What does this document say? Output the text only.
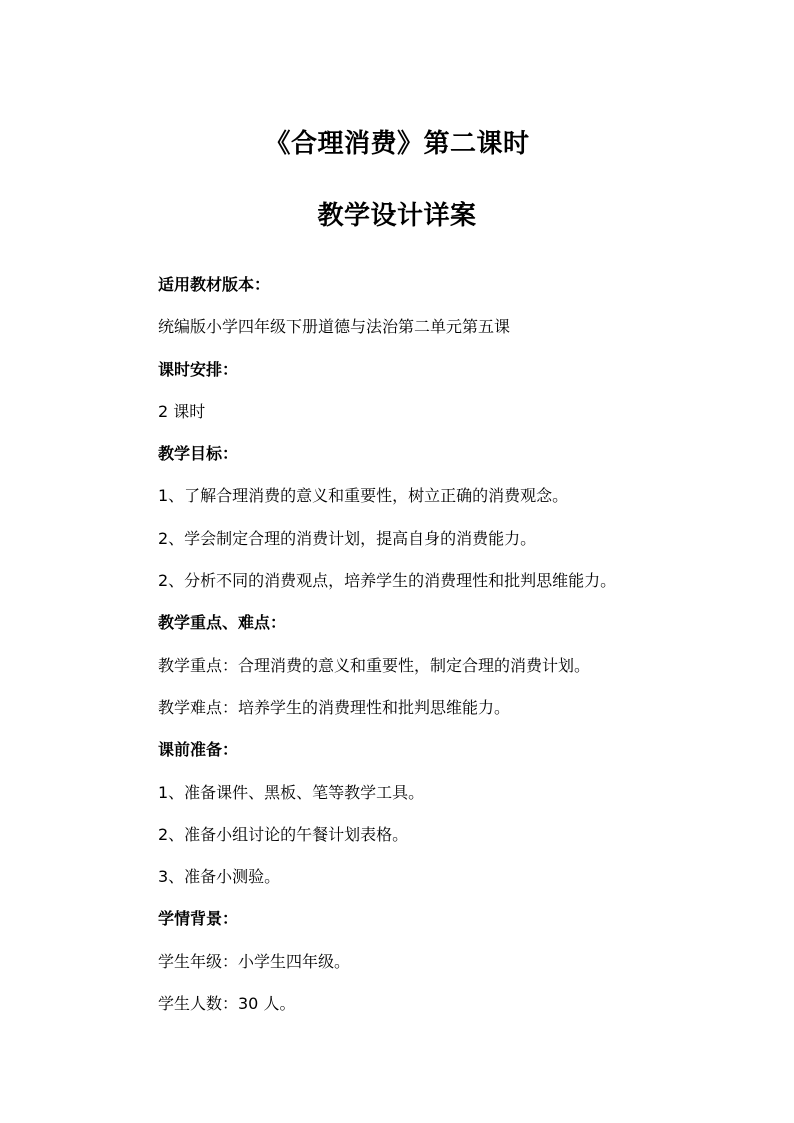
《合理消费》第二课时
教学设计详案

适用教材版本：

统编版小学四年级下册道德与法治第二单元第五课

课时安排：

2 课时

教学目标：

1、了解合理消费的意义和重要性，树立正确的消费观念。

2、学会制定合理的消费计划，提高自身的消费能力。

2、分析不同的消费观点，培养学生的消费理性和批判思维能力。

教学重点、难点：

教学重点：合理消费的意义和重要性，制定合理的消费计划。

教学难点：培养学生的消费理性和批判思维能力。

课前准备：

1、准备课件、黑板、笔等教学工具。

2、准备小组讨论的午餐计划表格。

3、准备小测验。

学情背景：

学生年级：小学生四年级。

学生人数：30 人。
